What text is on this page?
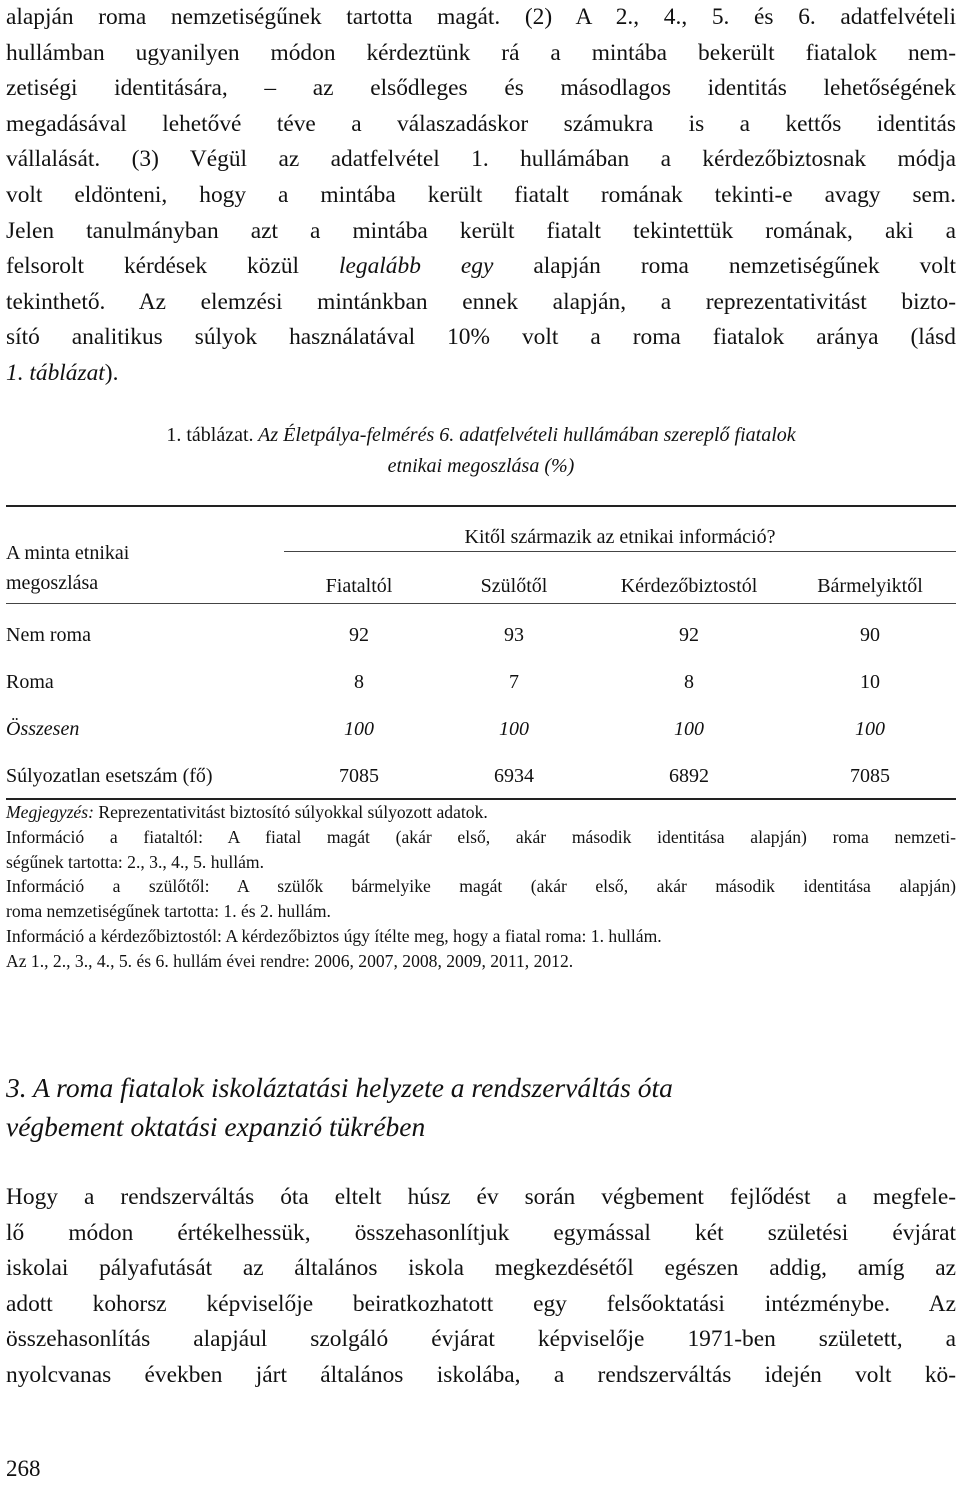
alapján roma nemzetiségűnek tartotta magát. (2) A 2., 4., 5. és 6. adatfelvételi
hullámban ugyanilyen módon kérdeztünk rá a mintába bekerült fiatalok nem-
zetiségi identitására, – az elsődleges és másodlagos identitás lehetőségének
megadásával lehetővé téve a válaszadáskor számukra is a kettős identitás
vállalását. (3) Végül az adatfelvétel 1. hullámában a kérdezőbiztosnak módja
volt eldönteni, hogy a mintába került fiatalt romának tekinti-e avagy sem.
Jelen tanulmányban azt a mintába került fiatalt tekintettük romának, aki a
felsorolt kérdések közül legalább egy alapján roma nemzetiségűnek volt
tekinthető. Az elemzési mintánkban ennek alapján, a reprezentativitást bizto-
sító analitikus súlyok használatával 10% volt a roma fiatalok aránya (lásd
1. táblázat).
1. táblázat. Az Életpálya-felmérés 6. adatfelvételi hullámában szereplő fiatalok
etnikai megoszlása (%)
A minta etnikai megoszlása	Kitől származik az etnikai információ?			
	Fiataltól	Szülőtől	Kérdezőbiztostól	Bármelyiktől
Nem roma	92	93	92	90
Roma	8	7	8	10
Összesen	100	100	100	100
Súlyozatlan esetszám (fő)	7085	6934	6892	7085

Megjegyzés: Reprezentativitást biztosító súlyokkal súlyozott adatok.

Információ a fiataltól: A fiatal magát (akár első, akár második identitása alapján) roma nemzeti-
ségűnek tartotta: 2., 3., 4., 5. hullám.

Információ a szülőtől: A szülők bármelyike magát (akár első, akár második identitása alapján)
roma nemzetiségűnek tartotta: 1. és 2. hullám.

Információ a kérdezőbiztostól: A kérdezőbiztos úgy ítélte meg, hogy a fiatal roma: 1. hullám.

Az 1., 2., 3., 4., 5. és 6. hullám évei rendre: 2006, 2007, 2008, 2009, 2011, 2012.

3. A roma fiatalok iskoláztatási helyzete a rendszerváltás óta
végbement oktatási expanzió tükrében
Hogy a rendszerváltás óta eltelt húsz év során végbement fejlődést a megfele-
lő módon értékelhessük, összehasonlítjuk egymással két születési évjárat
iskolai pályafutását az általános iskola megkezdésétől egészen addig, amíg az
adott kohorsz képviselője beiratkozhatott egy felsőoktatási intézménybe. Az
összehasonlítás alapjául szolgáló évjárat képviselője 1971-ben született, a
nyolcvanas években járt általános iskolába, a rendszerváltás idején volt kö-
268
